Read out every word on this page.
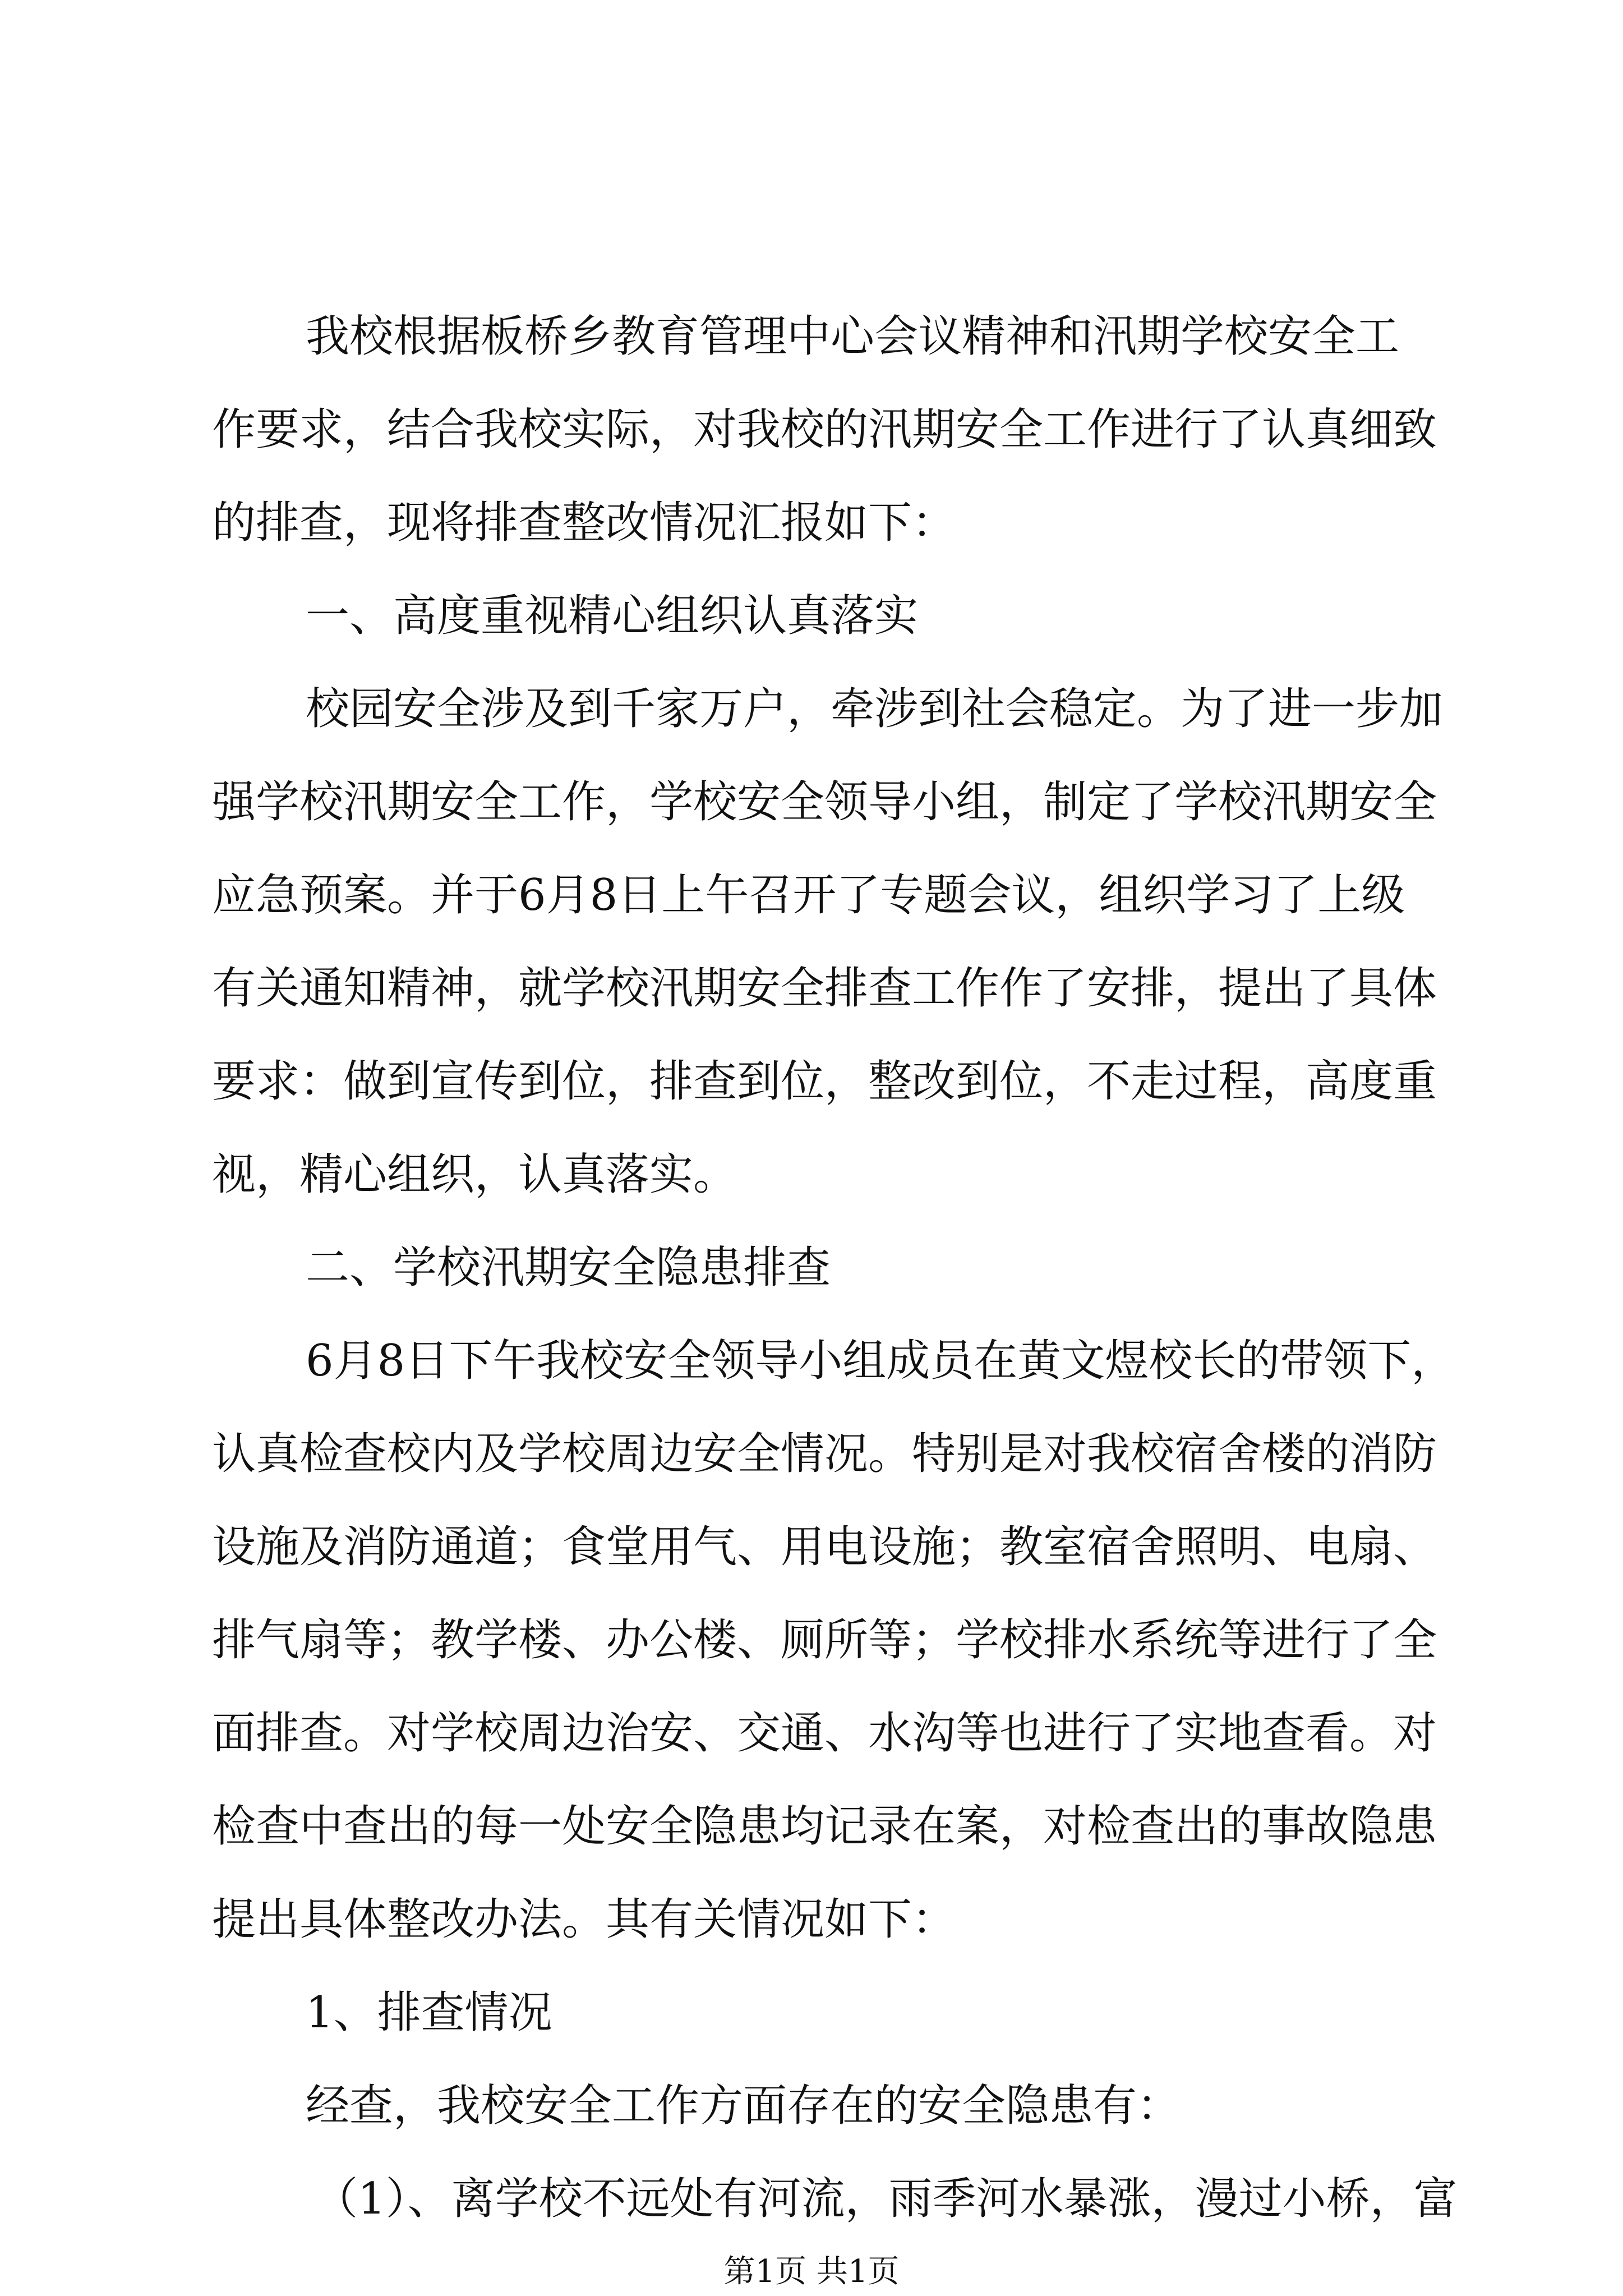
我校根据板桥乡教育管理中心会议精神和汛期学校安全工
作要求，结合我校实际，对我校的汛期安全工作进行了认真细致
的排查，现将排查整改情况汇报如下：
一、高度重视精心组织认真落实
校园安全涉及到千家万户，牵涉到社会稳定。为了进一步加
强学校汛期安全工作，学校安全领导小组，制定了学校汛期安全
应急预案。并于6月8日上午召开了专题会议，组织学习了上级
有关通知精神，就学校汛期安全排查工作作了安排，提出了具体
要求：做到宣传到位，排查到位，整改到位，不走过程，高度重
视，精心组织，认真落实。
二、学校汛期安全隐患排查
6月8日下午我校安全领导小组成员在黄文煜校长的带领下，
认真检查校内及学校周边安全情况。特别是对我校宿舍楼的消防
设施及消防通道；食堂用气、用电设施；教室宿舍照明、电扇、
排气扇等；教学楼、办公楼、厕所等；学校排水系统等进行了全
面排查。对学校周边治安、交通、水沟等也进行了实地查看。对
检查中查出的每一处安全隐患均记录在案，对检查出的事故隐患
提出具体整改办法。其有关情况如下：
1、排查情况
第1页 共1页
经查，我校安全工作方面存在的安全隐患有：
（1）、离学校不远处有河流，雨季河水暴涨，漫过小桥，富
